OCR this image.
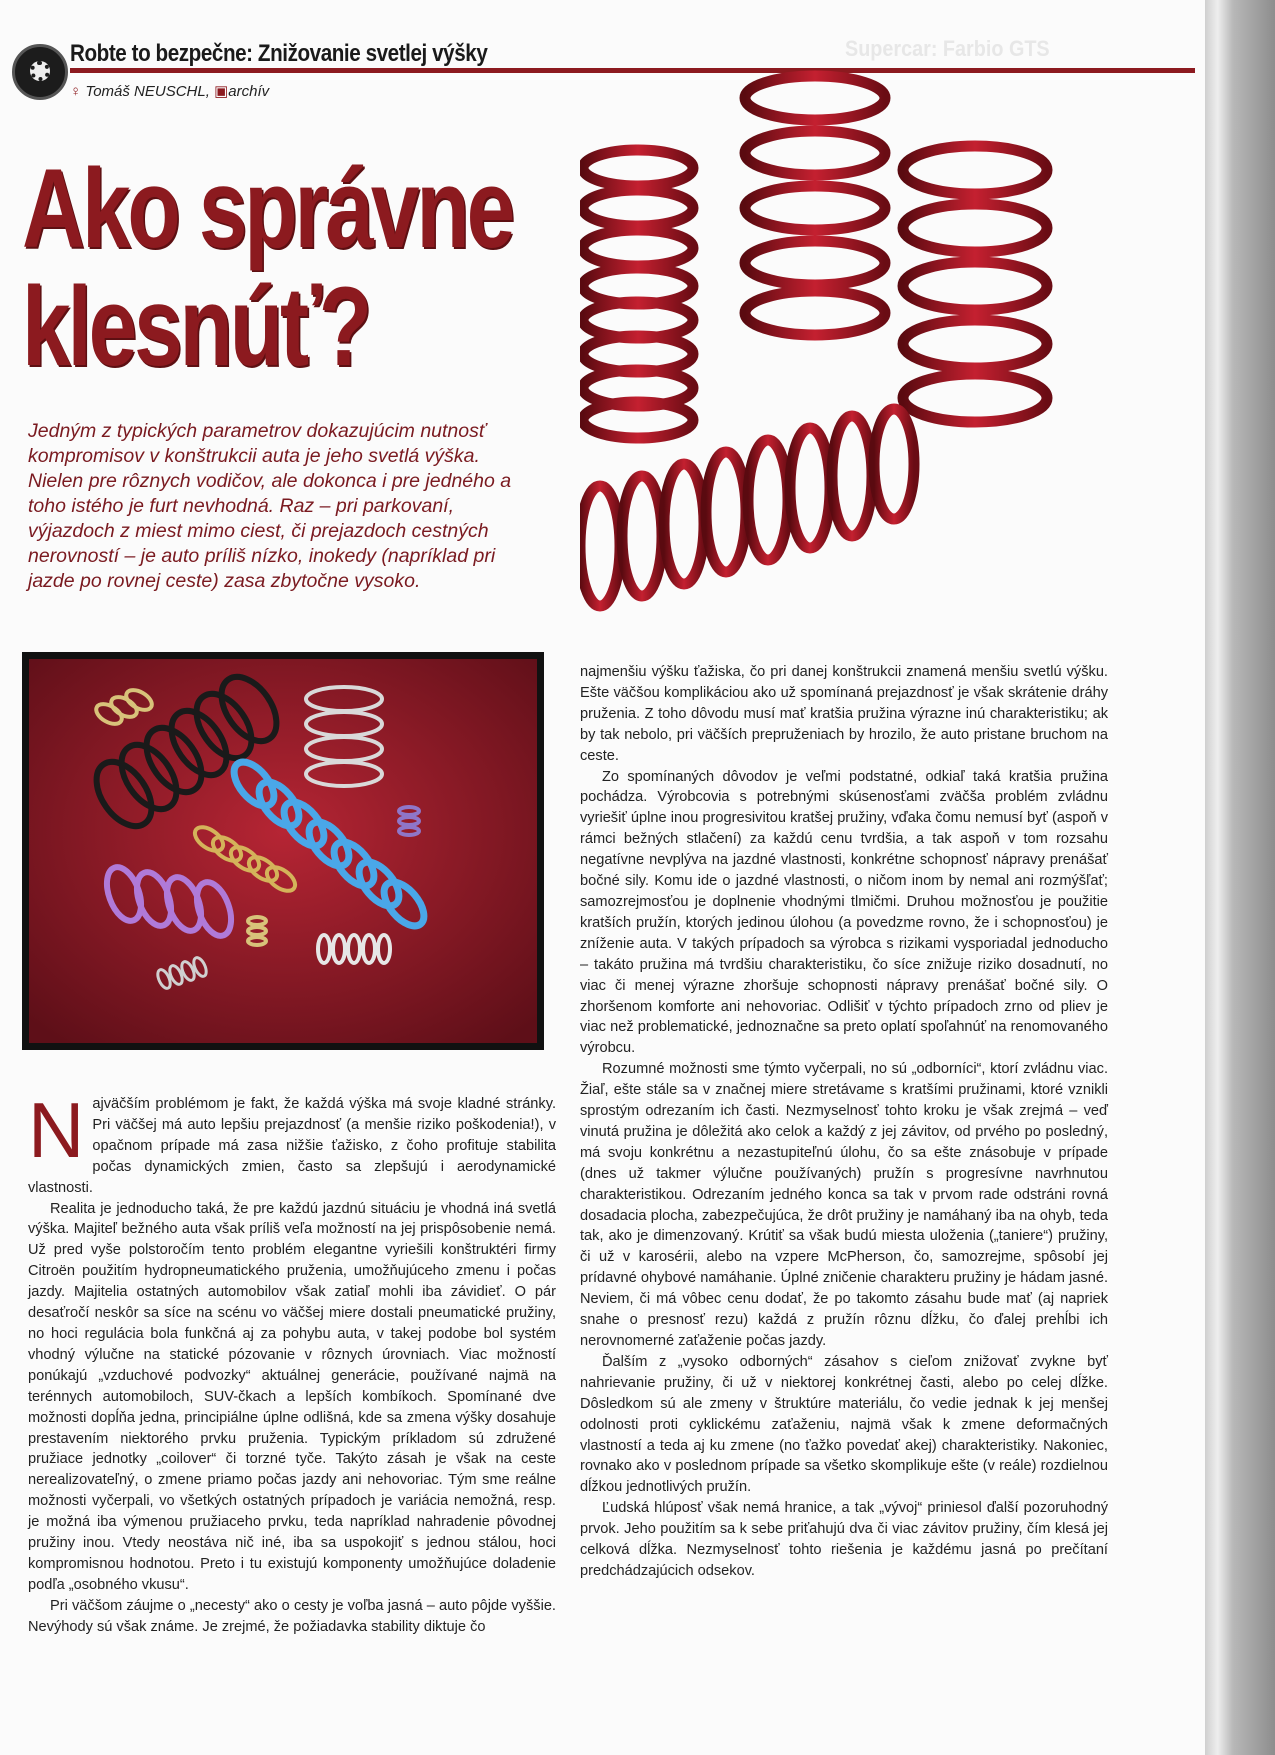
Robte to bezpečne: Znižovanie svetlej výšky	Supercar: Farbio GTS
♀ Tomáš NEUSCHL, ▣archív
Ako správne
klesnúť?

Jedným z typických parametrov dokazujúcim nutnosť kompromisov v konštrukcii auta je jeho svetlá výška. Nielen pre rôznych vodičov, ale dokonca i pre jedného a toho istého je furt nevhodná. Raz – pri parkovaní, výjazdoch z miest mimo ciest, či prejazdoch cestných nerovností – je auto príliš nízko, inokedy (napríklad pri jazde po rovnej ceste) zasa zbytočne vysoko.

Najväčším problémom je fakt, že každá výška má svoje kladné stránky. Pri väčšej má auto lepšiu prejazdnosť (a menšie riziko poškodenia!), v opačnom prípade má zasa nižšie ťažisko, z čoho profituje stabilita počas dynamických zmien, často sa zlepšujú i aerodynamické vlastnosti.

Realita je jednoducho taká, že pre každú jazdnú situáciu je vhodná iná svetlá výška. Majiteľ bežného auta však príliš veľa možností na jej prispôsobenie nemá. Už pred vyše polstoročím tento problém elegantne vyriešili konštruktéri firmy Citroën použitím hydropneumatického pruženia, umožňujúceho zmenu i počas jazdy. Majitelia ostatných automobilov však zatiaľ mohli iba závidieť. O pár desaťročí neskôr sa síce na scénu vo väčšej miere dostali pneumatické pružiny, no hoci regulácia bola funkčná aj za pohybu auta, v takej podobe bol systém vhodný výlučne na statické pózovanie v rôznych úrovniach. Viac možností ponúkajú „vzduchové podvozky“ aktuálnej generácie, používané najmä na terénnych automobiloch, SUV-čkach a lepších kombíkoch. Spomínané dve možnosti dopĺňa jedna, principiálne úplne odlišná, kde sa zmena výšky dosahuje prestavením niektorého prvku pruženia. Typickým príkladom sú združené pružiace jednotky „coilover“ či torzné tyče. Takýto zásah je však na ceste nerealizovateľný, o zmene priamo počas jazdy ani nehovoriac. Tým sme reálne možnosti vyčerpali, vo všetkých ostatných prípadoch je variácia nemožná, resp. je možná iba výmenou pružiaceho prvku, teda napríklad nahradenie pôvodnej pružiny inou. Vtedy neostáva nič iné, iba sa uspokojiť s jednou stálou, hoci kompromisnou hodnotou. Preto i tu existujú komponenty umožňujúce doladenie podľa „osobného vkusu“.

Pri väčšom záujme o „necesty“ ako o cesty je voľba jasná – auto pôjde vyššie. Nevýhody sú však známe. Je zrejmé, že požiadavka stability diktuje čo

najmenšiu výšku ťažiska, čo pri danej konštrukcii znamená menšiu svetlú výšku. Ešte väčšou komplikáciou ako už spomínaná prejazdnosť je však skrátenie dráhy pruženia. Z toho dôvodu musí mať kratšia pružina výrazne inú charakteristiku; ak by tak nebolo, pri väčších prepruženiach by hrozilo, že auto pristane bruchom na ceste.

Zo spomínaných dôvodov je veľmi podstatné, odkiaľ taká kratšia pružina pochádza. Výrobcovia s potrebnými skúsenosťami zväčša problém zvládnu vyriešiť úplne inou progresivitou kratšej pružiny, vďaka čomu nemusí byť (aspoň v rámci bežných stlačení) za každú cenu tvrdšia, a tak aspoň v tom rozsahu negatívne nevplýva na jazdné vlastnosti, konkrétne schopnosť nápravy prenášať bočné sily. Komu ide o jazdné vlastnosti, o ničom inom by nemal ani rozmýšľať; samozrejmosťou je doplnenie vhodnými tlmičmi. Druhou možnosťou je použitie kratších pružín, ktorých jedinou úlohou (a povedzme rovno, že i schopnosťou) je zníženie auta. V takých prípadoch sa výrobca s rizikami vysporiadal jednoducho – takáto pružina má tvrdšiu charakteristiku, čo síce znižuje riziko dosadnutí, no viac či menej výrazne zhoršuje schopnosti nápravy prenášať bočné sily. O zhoršenom komforte ani nehovoriac. Odlišiť v týchto prípadoch zrno od pliev je viac než problematické, jednoznačne sa preto oplatí spoľahnúť na renomovaného výrobcu.

Rozumné možnosti sme týmto vyčerpali, no sú „odborníci“, ktorí zvládnu viac. Žiaľ, ešte stále sa v značnej miere stretávame s kratšími pružinami, ktoré vznikli sprostým odrezaním ich časti. Nezmyselnosť tohto kroku je však zrejmá – veď vinutá pružina je dôležitá ako celok a každý z jej závitov, od prvého po posledný, má svoju konkrétnu a nezastupiteľnú úlohu, čo sa ešte znásobuje v prípade (dnes už takmer výlučne používaných) pružín s progresívne navrhnutou charakteristikou. Odrezaním jedného konca sa tak v prvom rade odstráni rovná dosadacia plocha, zabezpečujúca, že drôt pružiny je namáhaný iba na ohyb, teda tak, ako je dimenzovaný. Krútiť sa však budú miesta uloženia („taniere“) pružiny, či už v karosérii, alebo na vzpere McPherson, čo, samozrejme, spôsobí jej prídavné ohybové namáhanie. Úplné zničenie charakteru pružiny je hádam jasné. Neviem, či má vôbec cenu dodať, že po takomto zásahu bude mať (aj napriek snahe o presnosť rezu) každá z pružín rôznu dĺžku, čo ďalej prehĺbi ich nerovnomerné zaťaženie počas jazdy.

Ďalším z „vysoko odborných“ zásahov s cieľom znižovať zvykne byť nahrievanie pružiny, či už v niektorej konkrétnej časti, alebo po celej dĺžke. Dôsledkom sú ale zmeny v štruktúre materiálu, čo vedie jednak k jej menšej odolnosti proti cyklickému zaťaženiu, najmä však k zmene deformačných vlastností a teda aj ku zmene (no ťažko povedať akej) charakteristiky. Nakoniec, rovnako ako v poslednom prípade sa všetko skomplikuje ešte (v reále) rozdielnou dĺžkou jednotlivých pružín.

Ľudská hlúposť však nemá hranice, a tak „vývoj“ priniesol ďalší pozoruhodný prvok. Jeho použitím sa k sebe priťahujú dva či viac závitov pružiny, čím klesá jej celková dĺžka. Nezmyselnosť tohto riešenia je každému jasná po prečítaní predchádzajúcich odsekov.
